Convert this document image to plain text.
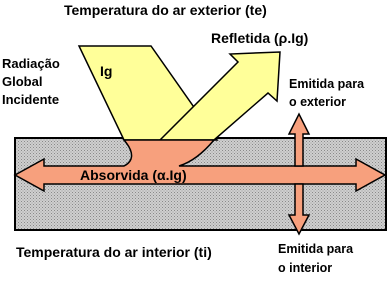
Temperatura do ar exterior (te)
Radiação
Global
Incidente
Ig
Refletida (ρ.Ig)
Emitida para
o exterior
Absorvida (α.Ig)
Temperatura do ar interior (ti)	Emitida para
o interior
